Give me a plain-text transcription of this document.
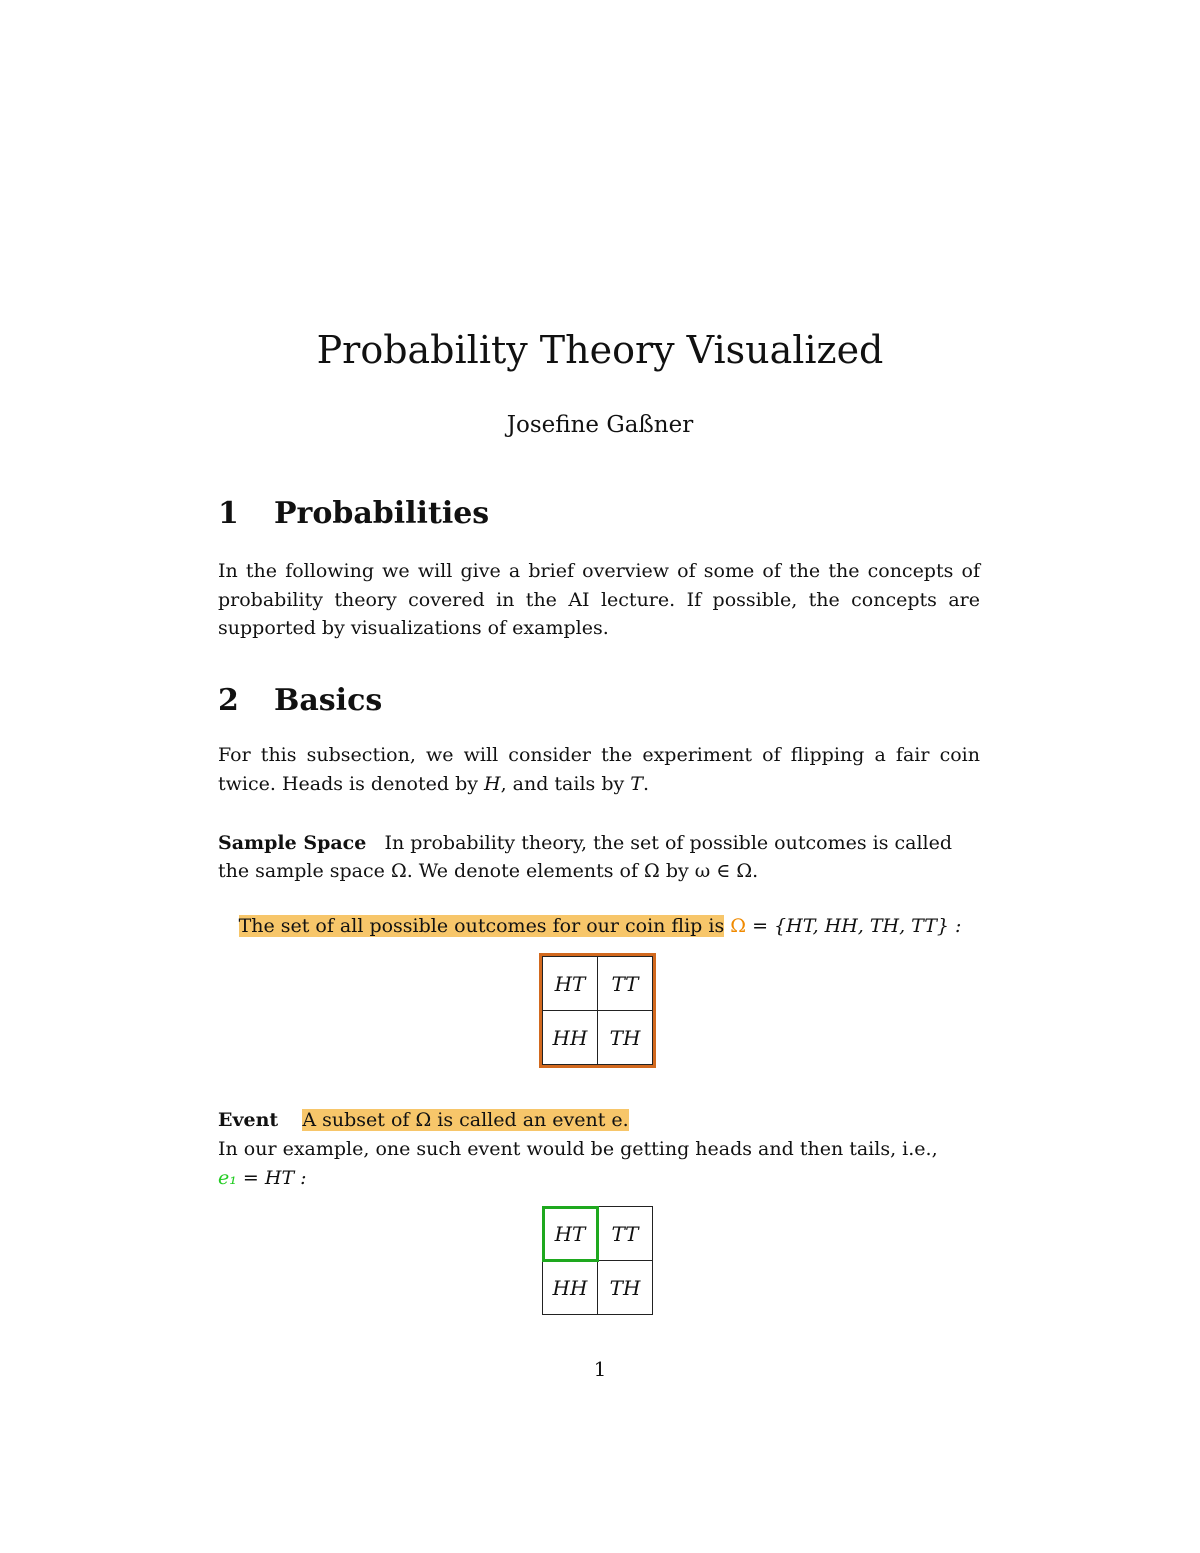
Probability Theory Visualized
Josefine Gaßner
1 Probabilities
In the following we will give a brief overview of some of the the concepts of probability theory covered in the AI lecture. If possible, the concepts are supported by visualizations of examples.
2 Basics
For this subsection, we will consider the experiment of flipping a fair coin twice. Heads is denoted by H, and tails by T.
Sample Space In probability theory, the set of possible outcomes is called
the sample space Ω. We denote elements of Ω by ω ∈ Ω.
The set of all possible outcomes for our coin flip is Ω = {HT, HH, TH, TT} :
HT	TT
HH	TH
Event A subset of Ω is called an event e.
In our example, one such event would be getting heads and then tails, i.e.,
e₁ = HT :
HT	TT
HH	TH
1
